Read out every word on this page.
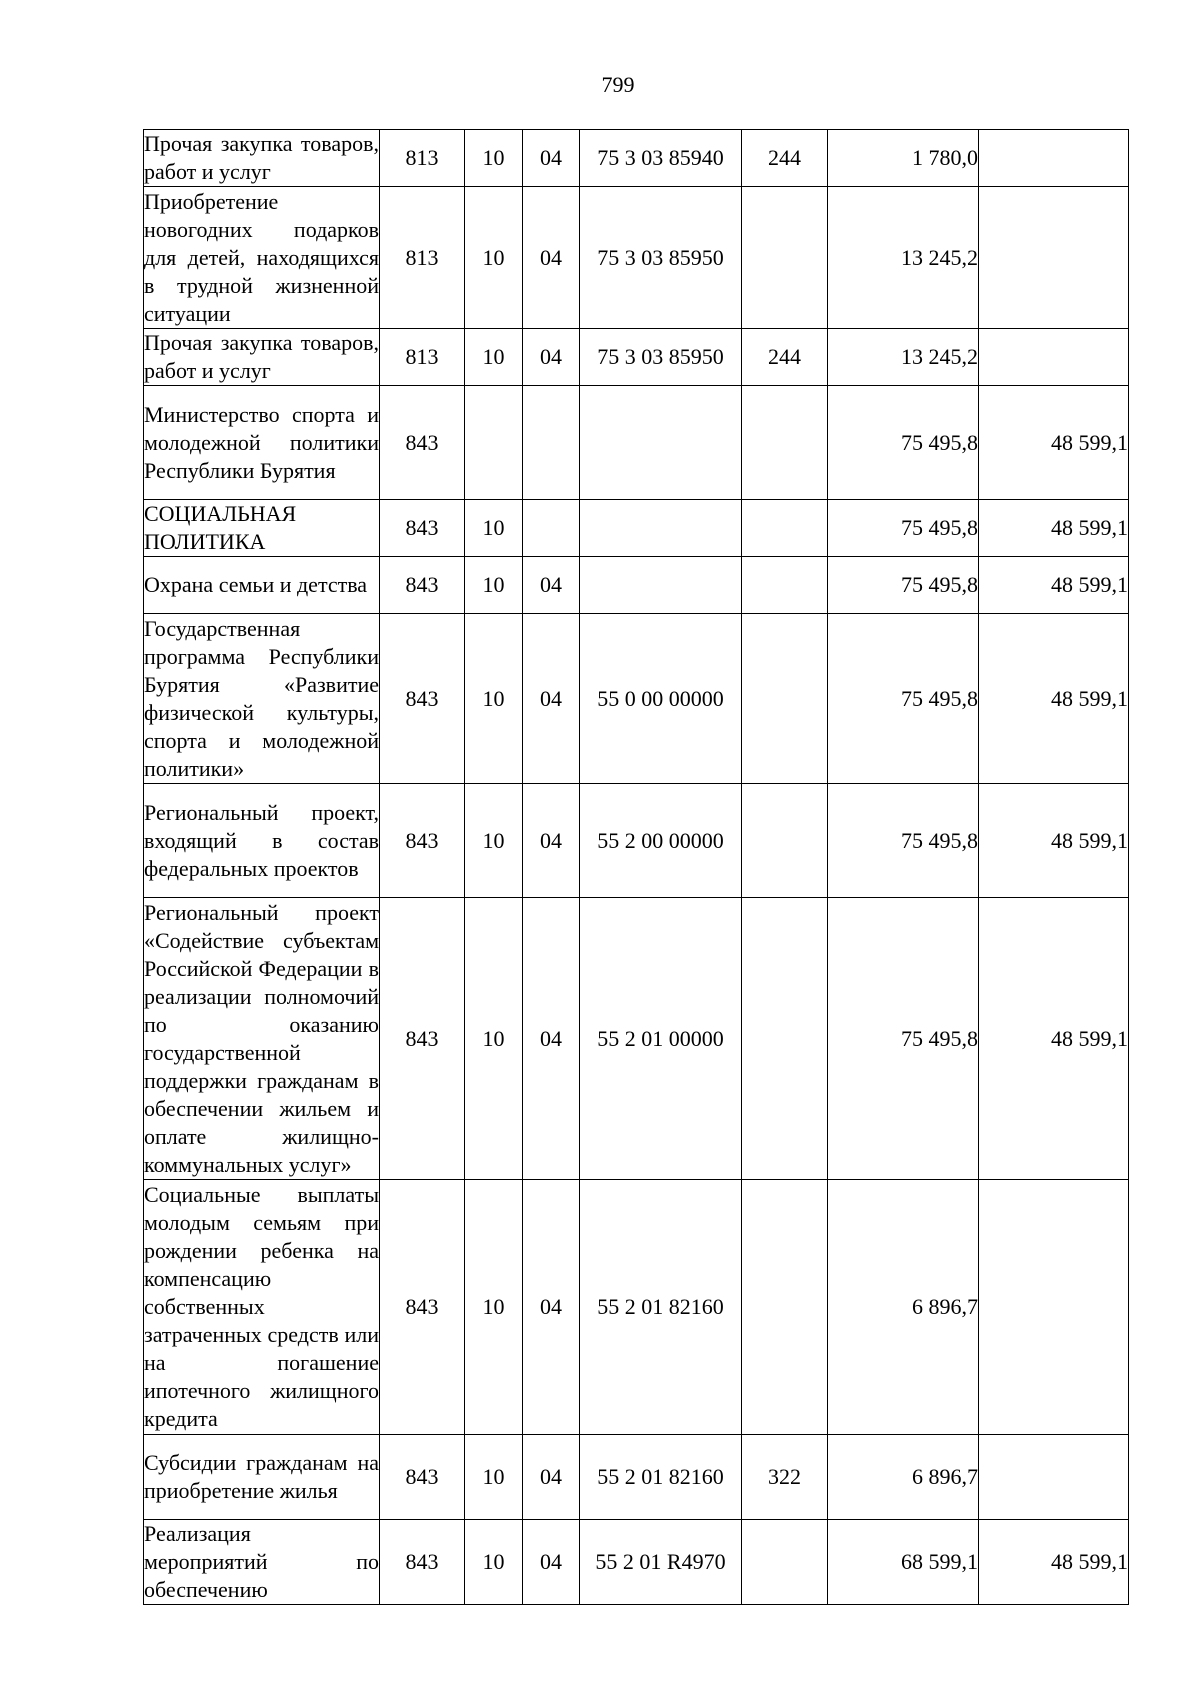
799
Прочая закупка товаров, работ и услуг	813	10	04	75 3 03 85940	244	1 780,0	
Приобретение новогодних подарков для детей, находящихся в трудной жизненной ситуации	813	10	04	75 3 03 85950		13 245,2	
Прочая закупка товаров, работ и услуг	813	10	04	75 3 03 85950	244	13 245,2	
Министерство спорта и молодежной политики Республики Бурятия	843					75 495,8	48 599,1
СОЦИАЛЬНАЯ ПОЛИТИКА	843	10				75 495,8	48 599,1
Охрана семьи и детства	843	10	04			75 495,8	48 599,1
Государственная программа Республики Бурятия «Развитие физической культуры, спорта и молодежной политики»	843	10	04	55 0 00 00000		75 495,8	48 599,1
Региональный проект, входящий в состав федеральных проектов	843	10	04	55 2 00 00000		75 495,8	48 599,1
Региональный проект «Содействие субъектам Российской Федерации в реализации полномочий по оказанию государственной поддержки гражданам в обеспечении жильем и оплате жилищно-коммунальных услуг»	843	10	04	55 2 01 00000		75 495,8	48 599,1
Социальные выплаты молодым семьям при рождении ребенка на компенсацию собственных затраченных средств или на погашение ипотечного жилищного кредита	843	10	04	55 2 01 82160		6 896,7	
Субсидии гражданам на приобретение жилья	843	10	04	55 2 01 82160	322	6 896,7	
Реализация мероприятий по обеспечению	843	10	04	55 2 01 R4970		68 599,1	48 599,1
